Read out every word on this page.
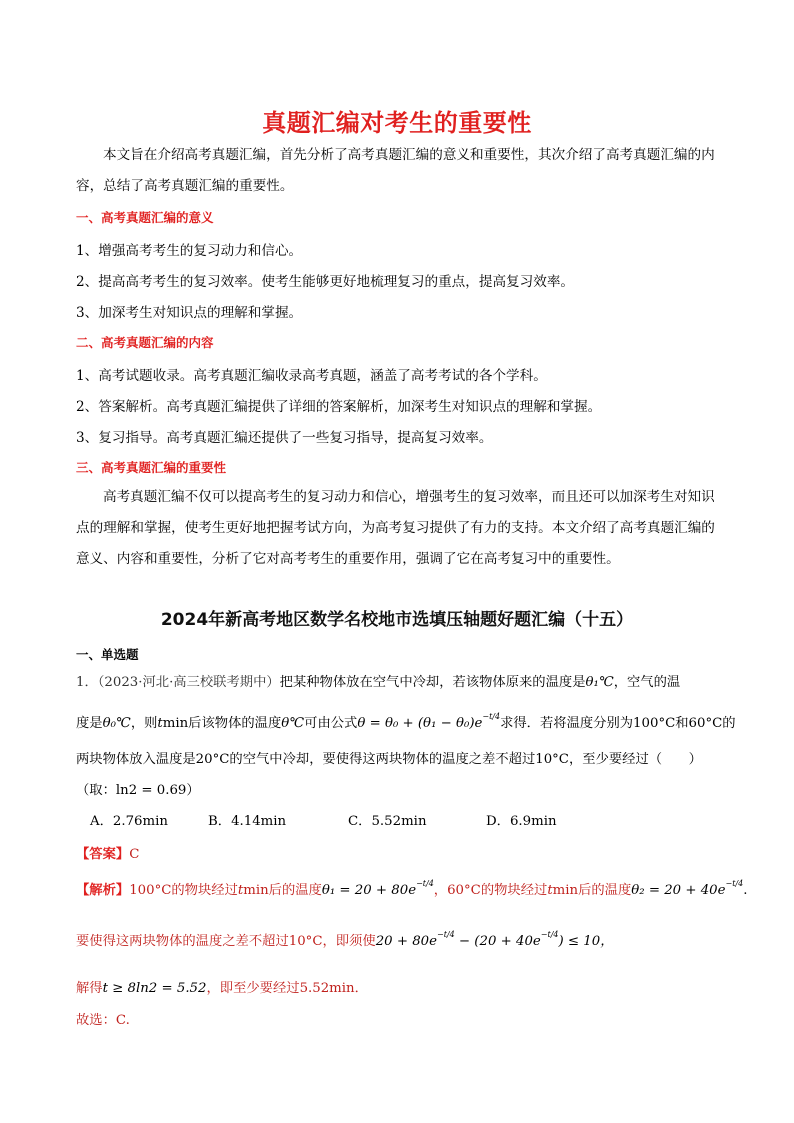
真题汇编对考生的重要性
本文旨在介绍高考真题汇编，首先分析了高考真题汇编的意义和重要性，其次介绍了高考真题汇编的内容，总结了高考真题汇编的重要性。
一、高考真题汇编的意义
1、增强高考考生的复习动力和信心。
2、提高高考考生的复习效率。使考生能够更好地梳理复习的重点，提高复习效率。
3、加深考生对知识点的理解和掌握。
二、高考真题汇编的内容
1、高考试题收录。高考真题汇编收录高考真题，涵盖了高考考试的各个学科。
2、答案解析。高考真题汇编提供了详细的答案解析，加深考生对知识点的理解和掌握。
3、复习指导。高考真题汇编还提供了一些复习指导，提高复习效率。
三、高考真题汇编的重要性
高考真题汇编不仅可以提高考生的复习动力和信心，增强考生的复习效率，而且还可以加深考生对知识点的理解和掌握，使考生更好地把握考试方向，为高考复习提供了有力的支持。本文介绍了高考真题汇编的意义、内容和重要性，分析了它对高考考生的重要作用，强调了它在高考复习中的重要性。
2024年新高考地区数学名校地市选填压轴题好题汇编（十五）
一、单选题
1．（2023·河北·高三校联考期中）把某种物体放在空气中冷却，若该物体原来的温度是θ₁℃，空气的温
度是θ₀℃，则tmin后该物体的温度θ℃可由公式$\theta = \theta_0 + (\theta_1 - \theta_0)e^{-t/4}$求得．若将温度分别为100°C和60°C的
两块物体放入温度是20°C的空气中冷却，要使得这两块物体的温度之差不超过10°C，至少要经过（　　）
（取：ln2 = 0.69）
A．2.76min	B．4.14min	C．5.52min	D．6.9min
【答案】C
【解析】100°C的物块经过tmin后的温度$\theta_1 = 20 + 80e^{-t/4}$，60°C的物块经过tmin后的温度$\theta_2 = 20 + 40e^{-t/4}$.
要使得这两块物体的温度之差不超过10°C，即须使$20 + 80e^{-t/4} - (20 + 40e^{-t/4}) \le 10$，
解得t ≥ 8ln2 = 5.52，即至少要经过5.52min．
故选：C.
